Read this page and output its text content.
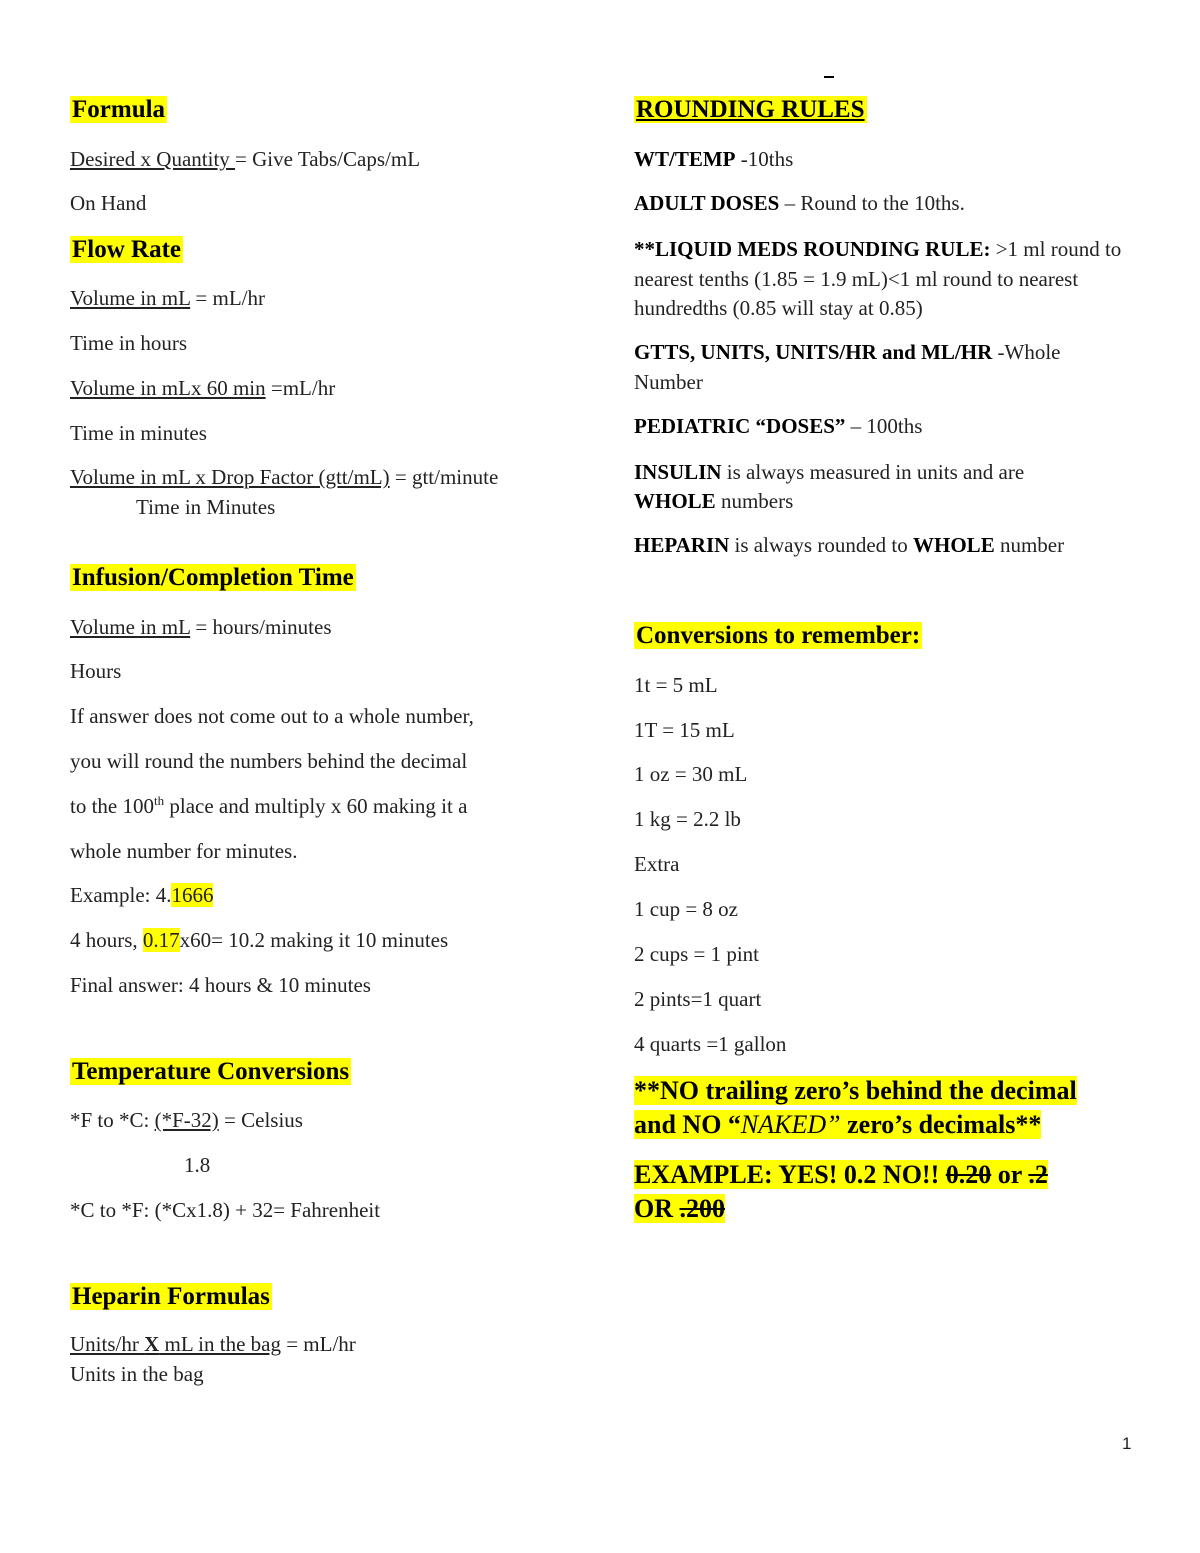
Formula
Desired x Quantity = Give Tabs/Caps/mL
On Hand
Flow Rate
Volume in mL = mL/hr
Time in hours
Volume in mLx 60 min =mL/hr
Time in minutes
Volume in mL x Drop Factor (gtt/mL) = gtt/minute
Time in Minutes
Infusion/Completion Time
Volume in mL = hours/minutes
Hours
If answer does not come out to a whole number,
you will round the numbers behind the decimal
to the 100th place and multiply x 60 making it a
whole number for minutes.
Example: 4.1666
4 hours, 0.17x60= 10.2 making it 10 minutes
Final answer: 4 hours & 10 minutes
Temperature Conversions
*F to *C: (*F-32) = Celsius
1.8
*C to *F: (*Cx1.8) + 32= Fahrenheit
Heparin Formulas
Units/hr X mL in the bag = mL/hr
Units in the bag
ROUNDING RULES
WT/TEMP -10ths
ADULT DOSES – Round to the 10ths.
**LIQUID MEDS ROUNDING RULE: >1 ml round to nearest tenths (1.85 = 1.9 mL)<1 ml round to nearest hundredths (0.85 will stay at 0.85)
GTTS, UNITS, UNITS/HR and ML/HR -Whole Number
PEDIATRIC “DOSES” – 100ths
INSULIN is always measured in units and are WHOLE numbers
HEPARIN is always rounded to WHOLE number
Conversions to remember:
1t = 5 mL
1T = 15 mL
1 oz = 30 mL
1 kg = 2.2 lb
Extra
1 cup = 8 oz
2 cups = 1 pint
2 pints=1 quart
4 quarts =1 gallon
**NO trailing zero’s behind the decimal
and NO “NAKED” zero’s decimals**
EXAMPLE: YES! 0.2 NO!! 0.20 or .2
OR .200
1
